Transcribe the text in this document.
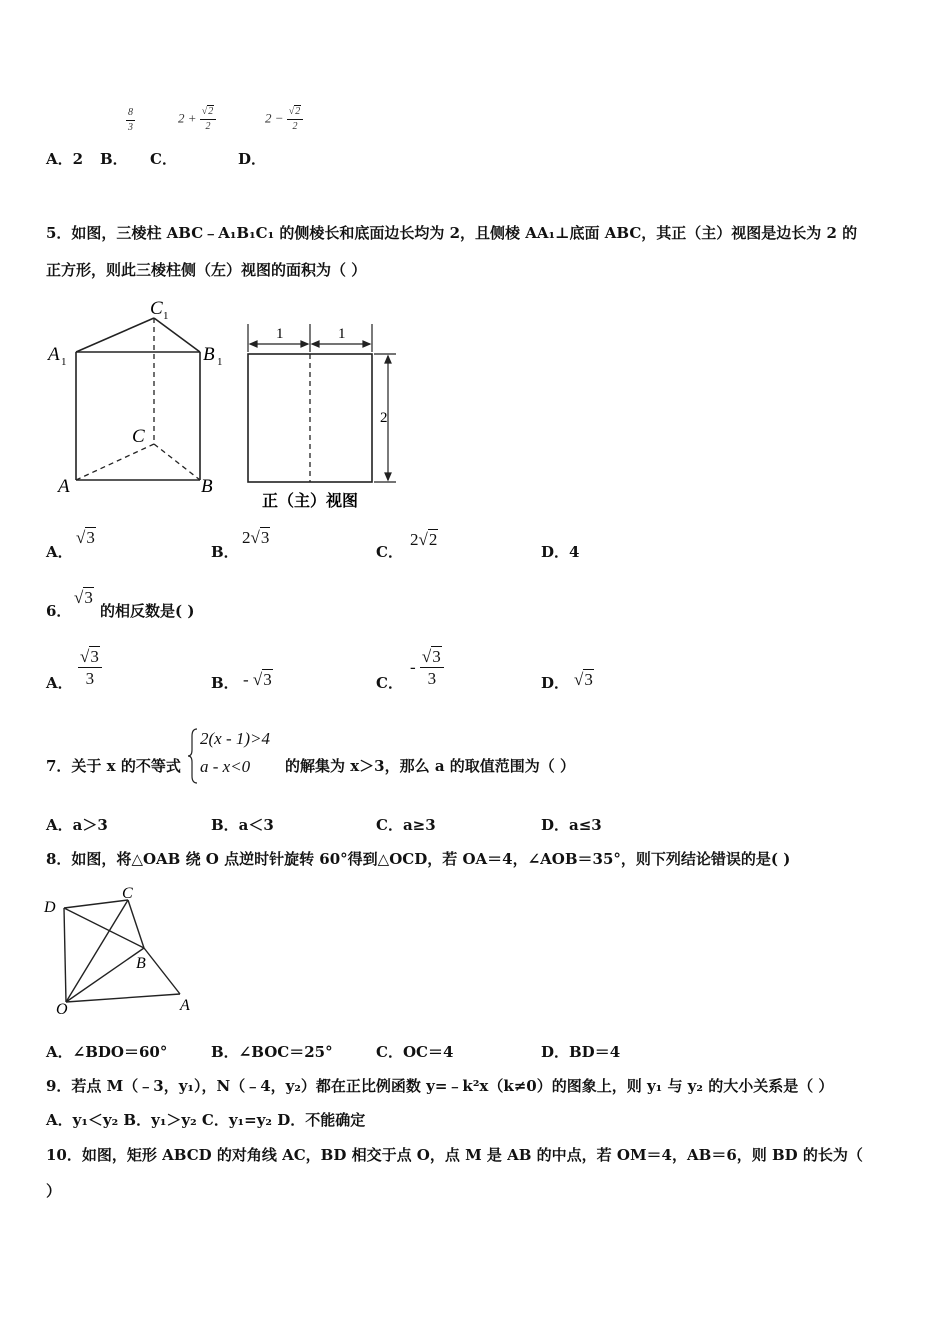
A．2 B． C．	D．
$\frac{8}{3}$	$2 + \frac{√2}{2}$	$2 - \frac{√2}{2}$
5．如图，三棱柱 ABC﹣A₁B₁C₁ 的侧棱长和底面边长均为 2，且侧棱 AA₁⊥底面 ABC，其正（主）视图是边长为 2 的
正方形，则此三棱柱侧（左）视图的面积为（ ）
C 1
A 1	B 1
C
A	B
1	1
2
正（主）视图
A．
√3
B．
2√3
C．
2√2
D．4
6．
√3
的相反数是( )
A． $\frac{√3}{3}$	B． - √3	C．
- $\frac{√3}{3}$	D． √3
7．关于 x 的不等式
2(x - 1)>4
a - x<0 的解集为 x＞3，那么 a 的取值范围为（ ）
A．a＞3	B．a＜3	C．a≥3	D．a≤3
8．如图，将△OAB 绕 O 点逆时针旋转 60°得到△OCD，若 OA＝4，∠AOB＝35°，则下列结论错误的是( )
D
C
B
O	A
A．∠BDO＝60°	B．∠BOC＝25°	C．OC＝4	D．BD＝4
9．若点 M（﹣3，y₁），N（﹣4，y₂）都在正比例函数 y=﹣k²x（k≠0）的图象上，则 y₁ 与 y₂ 的大小关系是（ ）
A．y₁＜y₂ B．y₁＞y₂ C．y₁=y₂ D．不能确定
10．如图，矩形 ABCD 的对角线 AC，BD 相交于点 O，点 M 是 AB 的中点，若 OM＝4，AB＝6，则 BD 的长为（
）
